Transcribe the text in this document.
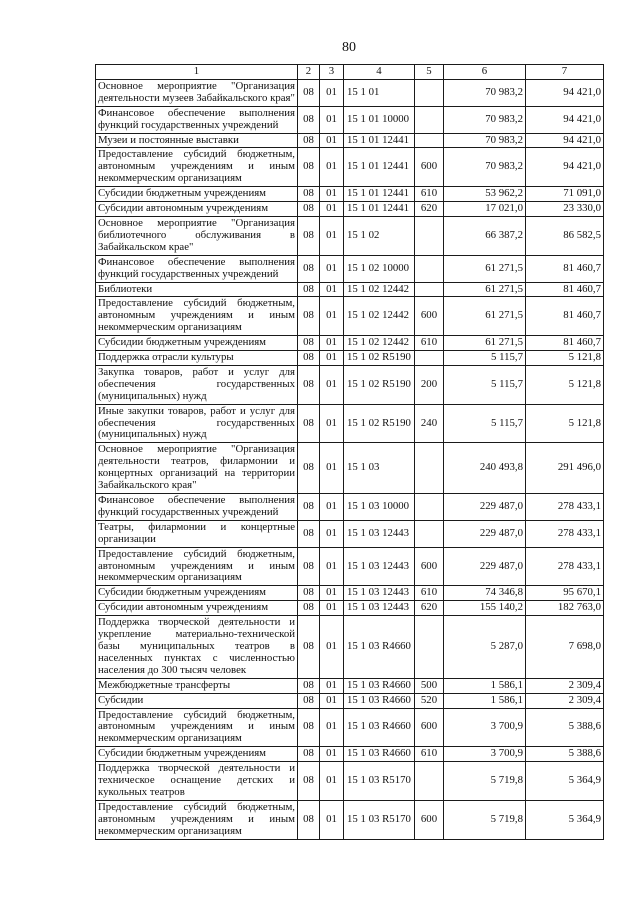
80
1	2	3	4	5	6	7
Основное мероприятие "Организация деятельности музеев Забайкальского края"	08	01	15 1 01		70 983,2	94 421,0
Финансовое обеспечение выполнения функций государственных учреждений	08	01	15 1 01 10000		70 983,2	94 421,0
Музеи и постоянные выставки	08	01	15 1 01 12441		70 983,2	94 421,0
Предоставление субсидий бюджетным, автономным учреждениям и иным некоммерческим организациям	08	01	15 1 01 12441	600	70 983,2	94 421,0
Субсидии бюджетным учреждениям	08	01	15 1 01 12441	610	53 962,2	71 091,0
Субсидии автономным учреждениям	08	01	15 1 01 12441	620	17 021,0	23 330,0
Основное мероприятие "Организация библиотечного обслуживания в Забайкальском крае"	08	01	15 1 02		66 387,2	86 582,5
Финансовое обеспечение выполнения функций государственных учреждений	08	01	15 1 02 10000		61 271,5	81 460,7
Библиотеки	08	01	15 1 02 12442		61 271,5	81 460,7
Предоставление субсидий бюджетным, автономным учреждениям и иным некоммерческим организациям	08	01	15 1 02 12442	600	61 271,5	81 460,7
Субсидии бюджетным учреждениям	08	01	15 1 02 12442	610	61 271,5	81 460,7
Поддержка отрасли культуры	08	01	15 1 02 R5190		5 115,7	5 121,8
Закупка товаров, работ и услуг для обеспечения государственных (муниципальных) нужд	08	01	15 1 02 R5190	200	5 115,7	5 121,8
Иные закупки товаров, работ и услуг для обеспечения государственных (муниципальных) нужд	08	01	15 1 02 R5190	240	5 115,7	5 121,8
Основное мероприятие "Организация деятельности театров, филармонии и концертных организаций на территории Забайкальского края"	08	01	15 1 03		240 493,8	291 496,0
Финансовое обеспечение выполнения функций государственных учреждений	08	01	15 1 03 10000		229 487,0	278 433,1
Театры, филармонии и концертные организации	08	01	15 1 03 12443		229 487,0	278 433,1
Предоставление субсидий бюджетным, автономным учреждениям и иным некоммерческим организациям	08	01	15 1 03 12443	600	229 487,0	278 433,1
Субсидии бюджетным учреждениям	08	01	15 1 03 12443	610	74 346,8	95 670,1
Субсидии автономным учреждениям	08	01	15 1 03 12443	620	155 140,2	182 763,0
Поддержка творческой деятельности и укрепление материально-технической базы муниципальных театров в населенных пунктах с численностью населения до 300 тысяч человек	08	01	15 1 03 R4660		5 287,0	7 698,0
Межбюджетные трансферты	08	01	15 1 03 R4660	500	1 586,1	2 309,4
Субсидии	08	01	15 1 03 R4660	520	1 586,1	2 309,4
Предоставление субсидий бюджетным, автономным учреждениям и иным некоммерческим организациям	08	01	15 1 03 R4660	600	3 700,9	5 388,6
Субсидии бюджетным учреждениям	08	01	15 1 03 R4660	610	3 700,9	5 388,6
Поддержка творческой деятельности и техническое оснащение детских и кукольных театров	08	01	15 1 03 R5170		5 719,8	5 364,9
Предоставление субсидий бюджетным, автономным учреждениям и иным некоммерческим организациям	08	01	15 1 03 R5170	600	5 719,8	5 364,9
